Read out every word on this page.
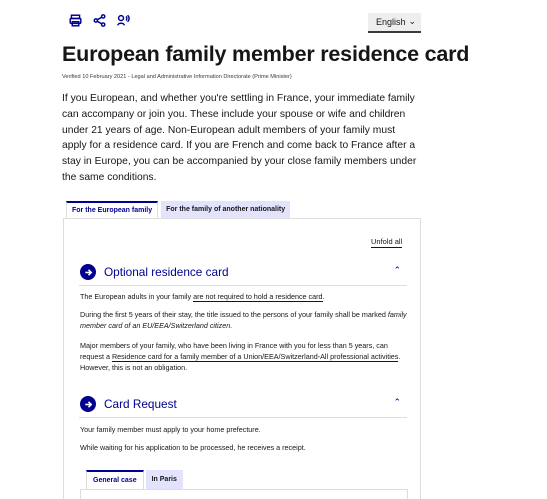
English ⌄
European family member residence card
Verified 10 February 2021 - Legal and Administrative Information Directorate (Prime Minister)

If you European, and whether you're settling in France, your immediate family can accompany or join you. These include your spouse or wife and children under 21 years of age. Non-European adult members of your family must apply for a residence card. If you are French and come back to France after a stay in Europe, you can be accompanied by your close family members under the same conditions.

For the European family	For the family of another nationality
Unfold all
Optional residence card	⌃

The European adults in your family are not required to hold a residence card.

During the first 5 years of their stay, the title issued to the persons of your family shall be marked family member card of an EU/EEA/Switzerland citizen.

Major members of your family, who have been living in France with you for less than 5 years, can request a Residence card for a family member of a Union/EEA/Switzerland-All professional activities. However, this is not an obligation.

Card Request	⌃

Your family member must apply to your home prefecture.

While waiting for his application to be processed, he receives a receipt.

General case	In Paris
